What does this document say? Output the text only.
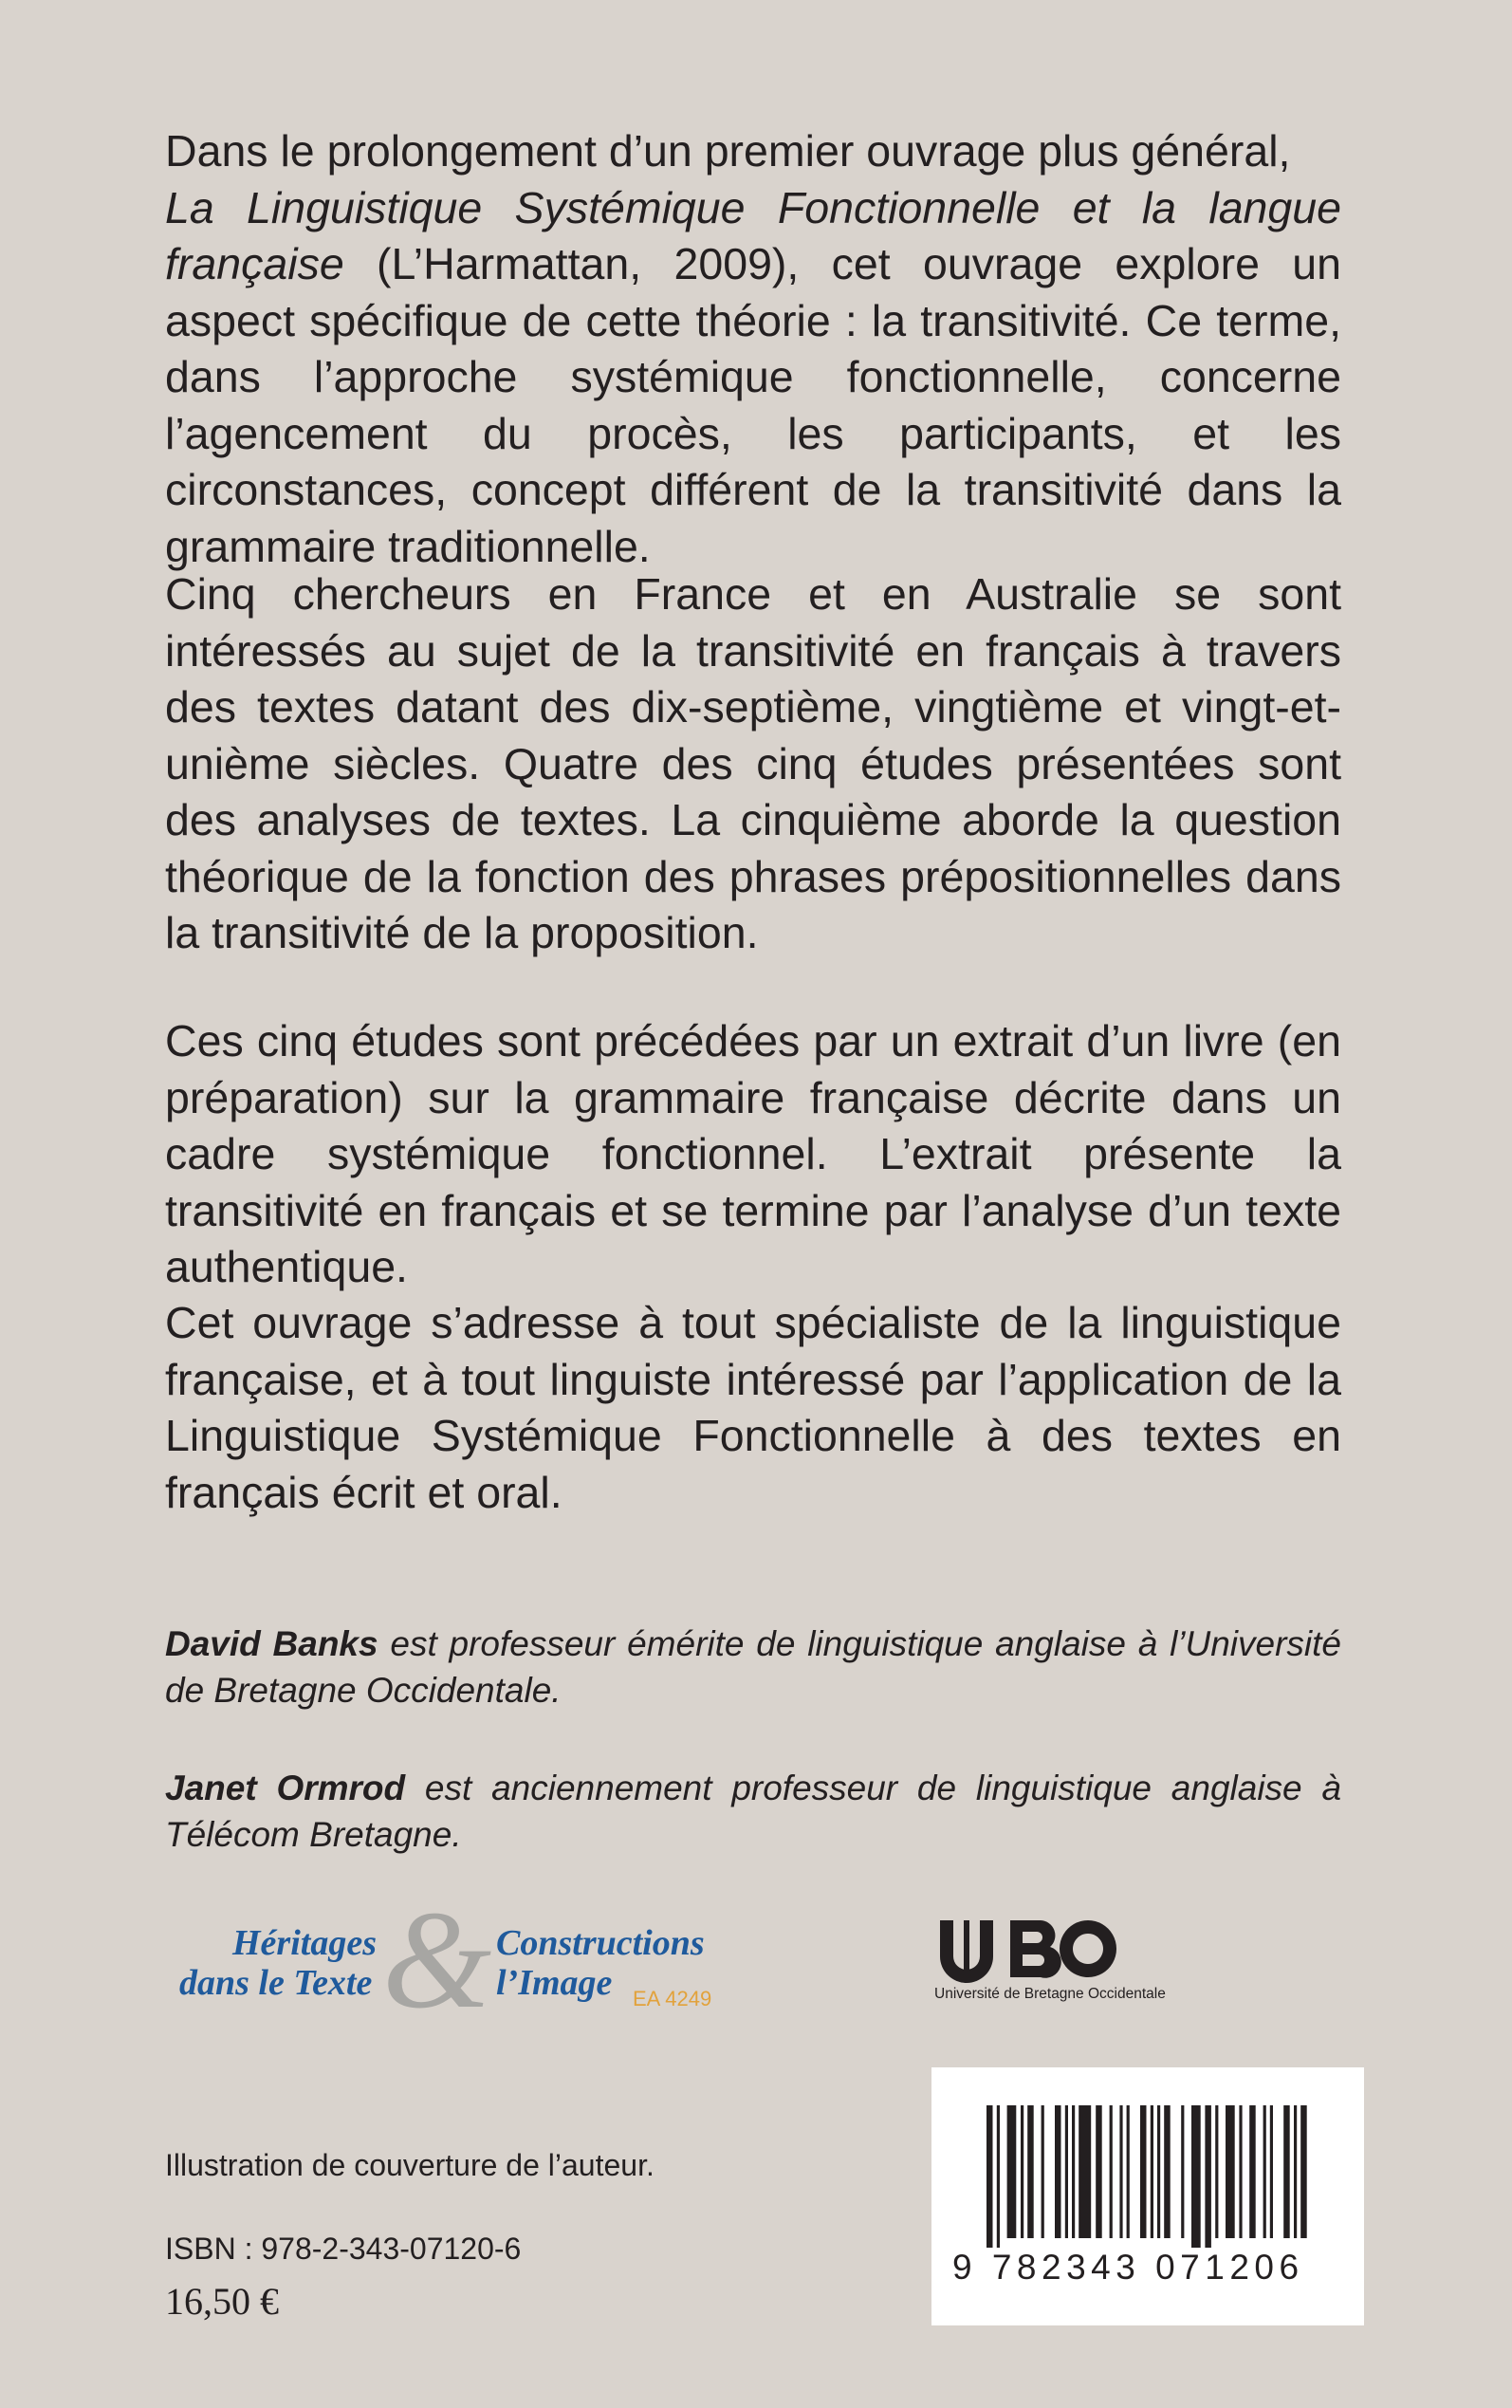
Dans le prolongement d’un premier ouvrage plus général,
La Linguistique Systémique Fonctionnelle et la langue française (L’Harmattan, 2009), cet ouvrage explore un aspect spécifique de cette théorie : la transitivité. Ce terme, dans l’approche systémique fonctionnelle, concerne l’agencement du procès, les participants, et les circonstances, concept différent de la transitivité dans la grammaire traditionnelle.

Cinq chercheurs en France et en Australie se sont intéressés au sujet de la transitivité en français à travers des textes datant des dix-septième, vingtième et vingt-et-unième siècles. Quatre des cinq études présentées sont des analyses de textes. La cinquième aborde la question théorique de la fonction des phrases prépositionnelles dans la transitivité de la proposition.

Ces cinq études sont précédées par un extrait d’un livre (en préparation) sur la grammaire française décrite dans un cadre systémique fonctionnel. L’extrait présente la transitivité en français et se termine par l’analyse d’un texte authentique.

Cet ouvrage s’adresse à tout spécialiste de la linguistique française, et à tout linguiste intéressé par l’application de la Linguistique Systémique Fonctionnelle à des textes en français écrit et oral.

David Banks est professeur émérite de linguistique anglaise à l’Université de Bretagne Occidentale.

Janet Ormrod est anciennement professeur de linguistique anglaise à Télécom Bretagne.

&
Héritages
dans le Texte
Constructions
l’Image EA 4249	Université de Bretagne Occidentale
9 782343 071206

Illustration de couverture de l’auteur.

ISBN : 978-2-343-07120-6

16,50 €
